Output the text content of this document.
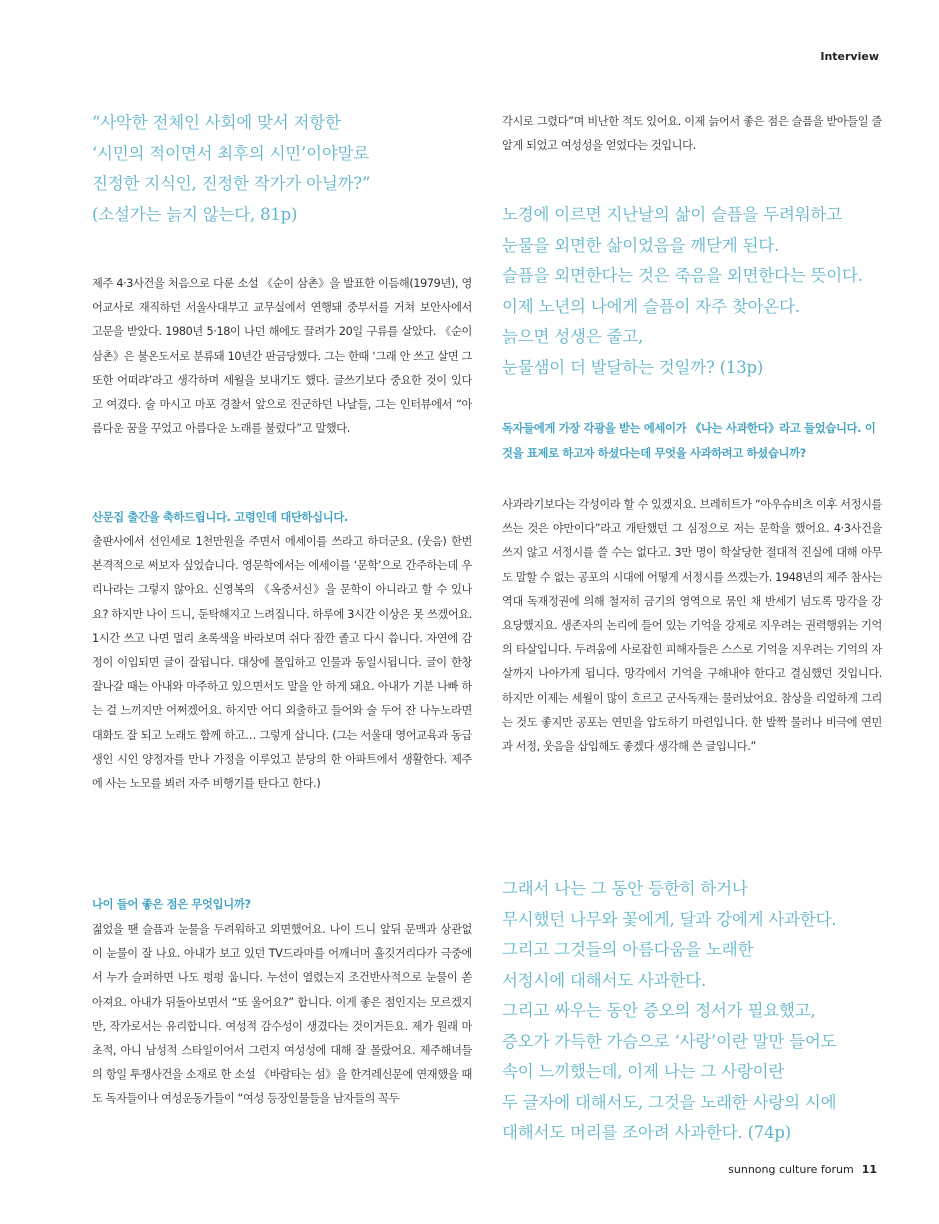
Interview
“사악한 전체인 사회에 맞서 저항한
‘시민의 적이면서 최후의 시민’이야말로
진정한 지식인, 진정한 작가가 아닐까?”
(소설가는 늙지 않는다, 81p)
제주 4·3사건을 처음으로 다룬 소설 《순이 삼촌》을 발표한 이듬해(1979년), 영어교사로 재직하던 서울사대부고 교무실에서 연행돼 중부서를 거쳐 보안사에서 고문을 받았다. 1980년 5·18이 나던 해에도 끌려가 20일 구류를 살았다. 《순이 삼촌》은 불온도서로 분류돼 10년간 판금당했다. 그는 한때 ‘그래 안 쓰고 살면 그 또한 어떠랴’라고 생각하며 세월을 보내기도 했다. 글쓰기보다 중요한 것이 있다고 여겼다. 술 마시고 마포 경찰서 앞으로 진군하던 나날들, 그는 인터뷰에서 “아름다운 꿈을 꾸었고 아름다운 노래를 불렀다”고 말했다.
산문집 출간을 축하드립니다. 고령인데 대단하십니다.
출판사에서 선인세로 1천만원을 주면서 에세이를 쓰라고 하더군요. (웃음) 한번 본격적으로 써보자 싶었습니다. 영문학에서는 에세이를 ‘문학’으로 간주하는데 우리나라는 그렇지 않아요. 신영복의 《옥중서신》을 문학이 아니라고 할 수 있나요? 하지만 나이 드니, 둔탁해지고 느려집니다. 하루에 3시간 이상은 못 쓰겠어요. 1시간 쓰고 나면 멀리 초록색을 바라보며 쉬다 잠깐 졸고 다시 씁니다. 자연에 감정이 이입되면 글이 잘됩니다. 대상에 몰입하고 인물과 동일시됩니다. 글이 한창 잘나갈 때는 아내와 마주하고 있으면서도 말을 안 하게 돼요. 아내가 기분 나빠 하는 걸 느끼지만 어쩌겠어요. 하지만 어디 외출하고 들어와 술 두어 잔 나누노라면 대화도 잘 되고 노래도 함께 하고… 그렇게 삽니다. (그는 서울대 영어교육과 동급생인 시인 양정자를 만나 가정을 이루었고 분당의 한 아파트에서 생활한다. 제주에 사는 노모를 뵈러 자주 비행기를 탄다고 한다.)
나이 들어 좋은 점은 무엇입니까?
젊었을 땐 슬픔과 눈물을 두려워하고 외면했어요. 나이 드니 앞뒤 문맥과 상관없이 눈물이 잘 나요. 아내가 보고 있던 TV드라마를 어깨너머 흘깃거리다가 극중에서 누가 슬퍼하면 나도 펑펑 웁니다. 누선이 열렸는지 조건반사적으로 눈물이 쏟아져요. 아내가 뒤돌아보면서 “또 울어요?” 합니다. 이게 좋은 점인지는 모르겠지만, 작가로서는 유리합니다. 여성적 감수성이 생겼다는 것이거든요. 제가 원래 마초적, 아니 남성적 스타일이어서 그런지 여성성에 대해 잘 몰랐어요. 제주해녀들의 항일 투쟁사건을 소재로 한 소설 《바람타는 섬》을 한겨레신문에 연재했을 때도 독자들이나 여성운동가들이 “여성 등장인물들을 남자들의 꼭두
각시로 그렸다”며 비난한 적도 있어요. 이제 늙어서 좋은 점은 슬픔을 받아들일 줄 알게 되었고 여성성을 얻었다는 것입니다.
노경에 이르면 지난날의 삶이 슬픔을 두려워하고
눈물을 외면한 삶이었음을 깨닫게 된다.
슬픔을 외면한다는 것은 죽음을 외면한다는 뜻이다.
이제 노년의 나에게 슬픔이 자주 찾아온다.
늙으면 성생은 줄고,
눈물샘이 더 발달하는 것일까? (13p)
독자들에게 가장 각광을 받는 에세이가 《나는 사과한다》라고 들었습니다. 이것을 표제로 하고자 하셨다는데 무엇을 사과하려고 하셨습니까?
사과라기보다는 각성이라 할 수 있겠지요. 브레히트가 “아우슈비츠 이후 서정시를 쓰는 것은 야만이다”라고 개탄했던 그 심정으로 저는 문학을 했어요. 4·3사건을 쓰지 않고 서정시를 쓸 수는 없다고. 3만 명이 학살당한 절대적 진실에 대해 아무도 말할 수 없는 공포의 시대에 어떻게 서정시를 쓰겠는가. 1948년의 제주 참사는 역대 독재정권에 의해 철저히 금기의 영역으로 묶인 채 반세기 넘도록 망각을 강요당했지요. 생존자의 논리에 들어 있는 기억을 강제로 지우려는 권력행위는 기억의 타살입니다. 두려움에 사로잡힌 피해자들은 스스로 기억을 지우려는 기억의 자살까지 나아가게 됩니다. 망각에서 기억을 구해내야 한다고 결심했던 것입니다. 하지만 이제는 세월이 많이 흐르고 군사독재는 물러났어요. 참상을 리얼하게 그리는 것도 좋지만 공포는 연민을 압도하기 마련입니다. 한 발짝 물러나 비극에 연민과 서정, 웃음을 삽입해도 좋겠다 생각해 쓴 글입니다.”
그래서 나는 그 동안 등한히 하거나
무시했던 나무와 꽃에게, 달과 강에게 사과한다.
그리고 그것들의 아름다움을 노래한
서정시에 대해서도 사과한다.
그리고 싸우는 동안 증오의 정서가 필요했고,
증오가 가득한 가슴으로 ‘사랑’이란 말만 들어도
속이 느끼했는데, 이제 나는 그 사랑이란
두 글자에 대해서도, 그것을 노래한 사랑의 시에
대해서도 머리를 조아려 사과한다. (74p)
sunnong culture forum 11
